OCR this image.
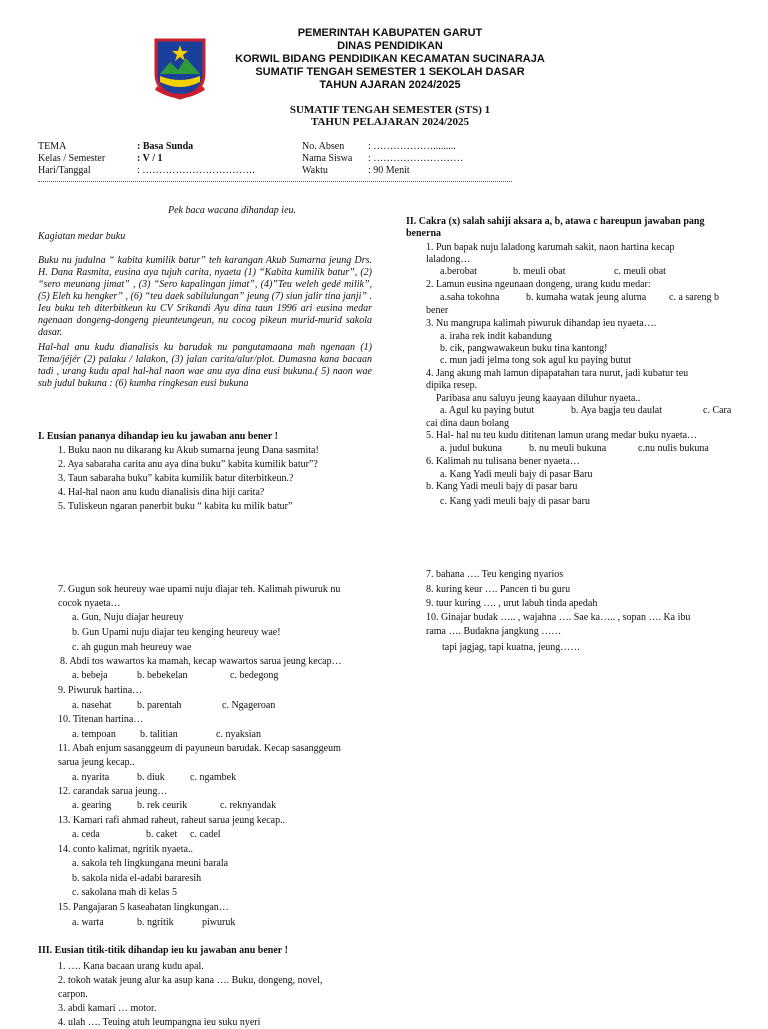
PEMERINTAH KABUPATEN GARUT
DINAS PENDIDIKAN
KORWIL BIDANG PENDIDIKAN KECAMATAN SUCINARAJA
SUMATIF TENGAH SEMESTER 1 SEKOLAH DASAR
TAHUN AJARAN 2024/2025
SUMATIF TENGAH SEMESTER (STS) 1
TAHUN PELAJARAN 2024/2025
TEMA	: Basa Sunda
Kelas / Semester	: V / 1
Hari/Tanggal	: …………………………….
No. Absen : ……………….........
Nama Siswa : ………………………
Waktu	: 90 Menit
Pek baca wacana dihandap ieu.
Kagiatan medar buku
Buku nu judulna “ kabita kumilik batur” teh karangan Akub Sumarna jeung Drs. H. Dana Rasmita, eusina aya tujuh carita, nyaeta (1) “Kabita kumilik batur”, (2) “sero meunang jimat” , (3) “Sero kapalingan jimat”, (4)”Teu weleh gedé milik”, (5) Eleh ku hengker” , (6) “teu daek sabilulungan” jeung (7) siun jalir tina janji” . Ieu buku teh diterbitkeun ku CV Srikandi Ayu dina taun 1996 ari eusina medar ngenaan dongeng-dongeng pieunteungeun, nu cocog pikeun murid-murid sakola dasar.
Hal-hal anu kudu dianalisis ku barudak nu pangutamaana mah ngenaan (1) Tema/jéjér (2) palaku / lalakon, (3) jalan carita/alur/plot. Dumasna kana bacaan tadi , urang kudu apal hal-hal naon wae anu aya dina eusi bukuna.( 5) naon wae sub judul bukuna : (6) kumha ringkesan eusi bukuna
I. Eusian pananya dihandap ieu ku jawaban anu bener !
1. Buku naon nu dikarang ku Akub sumarna jeung Dana sasmita!
2. Aya sabaraha carita anu aya dina buku” kabita kumilik batur”?
3. Taun sabaraha buku” kabita kumilik batur diterbitkeun.?
4. Hal-hal naon anu kudu dianalisis dina hiji carita?
5. Tuliskeun ngaran panerbit buku “ kabita ku milik batur”
II. Cakra (x) salah sahiji aksara a, b, atawa c hareupun jawaban pang benerna
1. Pun bapak nuju laladong karumah sakit, naon hartina kecap
laladong…
a.berobat	b. meuli obat	c. meuli obat
2. Lamun eusina ngeunaan dongeng, urang kudu medar:
a.saha tokohna	b. kumaha watak jeung alurna c. a sareng b
bener
3. Nu mangrupa kalimah piwuruk dihandap ieu nyaeta….
a. iraha rek indit kabandung
b. cik, pangwawakeun buku tina kantong!
c. mun jadi jelma tong sok agul ku paying butut
4. Jang akung mah lamun dipapatahan tara nurut, jadi kubatur teu
dipika resep.
Paribasa anu saluyu jeung kaayaan diluhur nyaeta..
a. Agul ku paying butut	b. Aya bagja teu daulat	c. Cara
cai dina daun bolang
5. Hal- hal nu teu kudu dititenan lamun urang medar buku nyaeta…
a. judul bukuna	b. nu meuli bukuna	c.nu nulis bukuna
6. Kalimah nu tulisana bener nyaeta…
a. Kang Yadi meuli bajy di pasar Baru
b. Kang Yadi meuli bajy di pasar baru
c. Kang yadi meuli bajy di pasar baru
7. bahana …. Teu kenging nyarios
8. kuring keur …. Pancen ti bu guru
9. tuur kuring …. , urut labuh tinda apedah
10. Ginajar budak ….. , wajahna …. Sae ka….. , sopan …. Ka ibu
rama …. Budakna jangkung ……
tapi jagjag, tapi kuatna, jeung……
7. Gugun sok heureuy wae upami nuju diajar teh. Kalimah piwuruk nu
cocok nyaeta…
a. Gun, Nuju diajar heureuy
b. Gun Upami nuju diajar teu kenging heureuy wae!
c. ah gugun mah heureuy wae
8. Abdi tos wawartos ka mamah, kecap wawartos sarua jeung kecap…
a. bebeja	b. bebekelan	c. bedegong
9. Piwuruk hartina…
a. nasehat	b. parentah	c. Ngageroan
10. Titenan hartina…
a. tempoan b. talitian	c. nyaksian
11. Abah enjum sasanggeum di payuneun barudak. Kecap sasanggeum
sarua jeung kecap..
a. nyarita	b. diuk	c. ngambek
12. carandak sarua jeung…
a. gearing	b. rek ceurik	c. reknyandak
13. Kamari rafi ahmad raheut, raheut sarua jeung kecap..
a. ceda	b. caket c. cadel
14. conto kalimat, ngritik nyaeta..
a. sakola teh lingkungana meuni barala
b. sakola nida el-adabi bararesih
c. sakolana mah di kelas 5
15. Pangajaran 5 kaseahatan lingkungan…
a. warta	b. ngritik	piwuruk
III. Eusian titik-titik dihandap ieu ku jawaban anu bener !
1. …. Kana bacaan urang kudu apal.
2. tokoh watak jeung alur ka asup kana …. Buku, dongeng, novel,
carpon.
3. abdi kamari … motor.
4. ulah …. Teuing atuh leumpangna ieu suku nyeri
